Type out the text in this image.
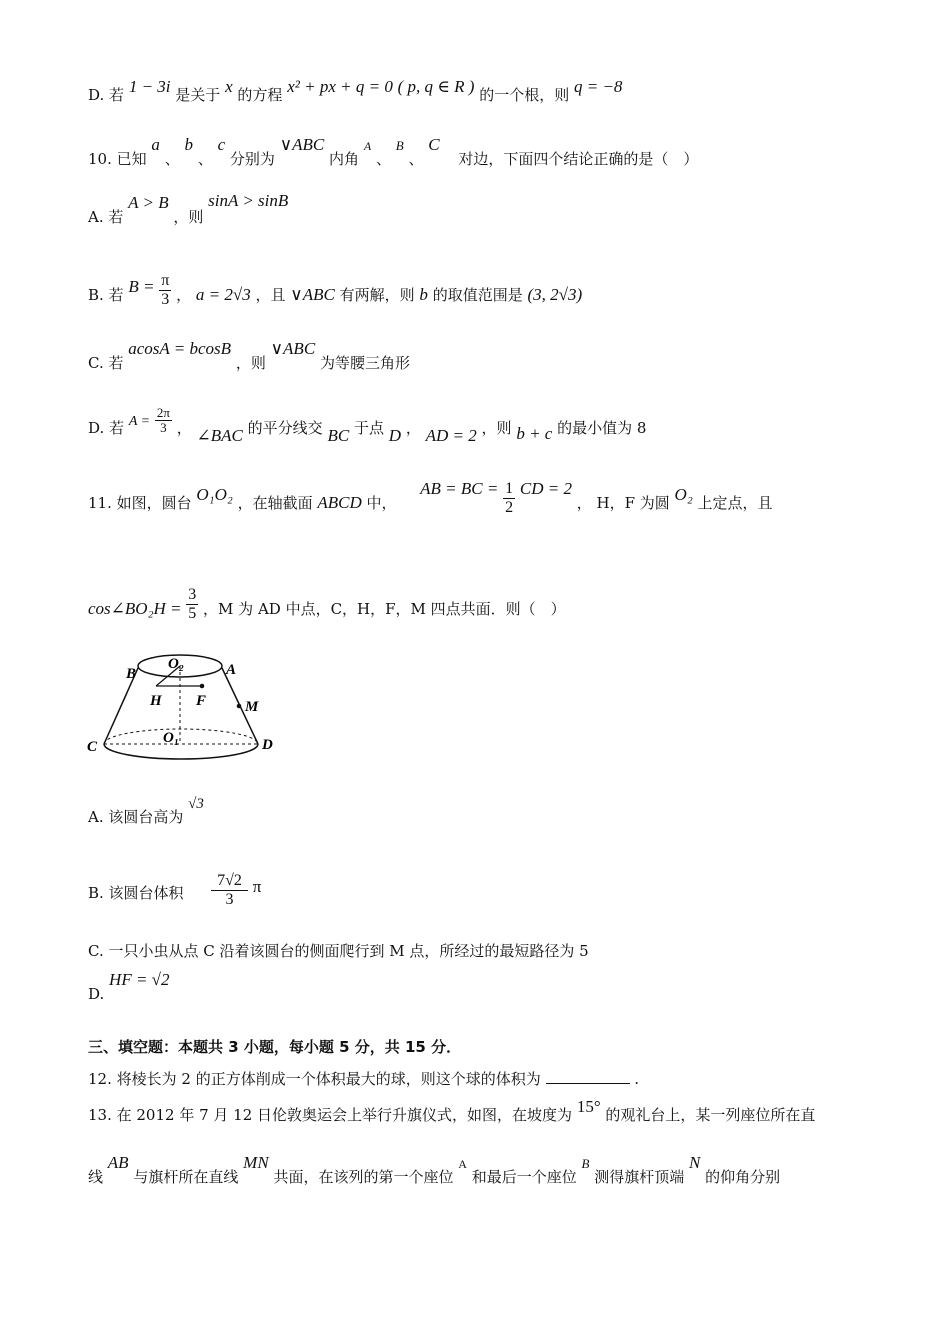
D. 若 1 − 3i 是关于 x 的方程 x² + px + q = 0 ( p, q ∈ R ) 的一个根，则 q = −8
10. 已知 a 、 b 、 c 分别为 ∨ABC 内角 $^A$ 、 B 、 C 对边，下面四个结论正确的是（　）
A. 若 A > B ，则 sinA > sinB
B. 若 $B = \frac{\pi}{3}$ ， a = 2√3 ，且 ∨ABC 有两解，则 b 的取值范围是 (3, 2√3)
C. 若 acosA = bcosB ，则 ∨ABC 为等腰三角形
D. 若 $A = \frac{2\pi}{3}$ ， ∠BAC 的平分线交 BC 于点 D ， AD = 2 ，则 b + c 的最小值为 8
11. 如图，圆台 O₁O₂ ，在轴截面 ABCD 中，  AB = BC = $\frac{1}{2}$ CD = 2 ， H，F 为圆 O₂ 上定点，且
cos∠BO₂H = $\frac{3}{5}$ ，M 为 AD 中点，C，H，F，M 四点共面．则（　）
B
O₂	A
H F	M
C
O₁	D
A. 该圆台高为 √3
B. 该圆台体积 $\frac{7√2}{3}$ π
C. 一只小虫从点 C 沿着该圆台的侧面爬行到 M 点，所经过的最短路径为 5
D. HF = √2
三、填空题：本题共 3 小题，每小题 5 分，共 15 分．
12. 将棱长为 2 的正方体削成一个体积最大的球，则这个球的体积为	.
13. 在 2012 年 7 月 12 日伦敦奥运会上举行升旗仪式，如图，在坡度为 15° 的观礼台上，某一列座位所在直
线 AB 与旗杆所在直线 MN 共面，在该列的第一个座位 $^A$ 和最后一个座位 B 测得旗杆顶端 N 的仰角分别
